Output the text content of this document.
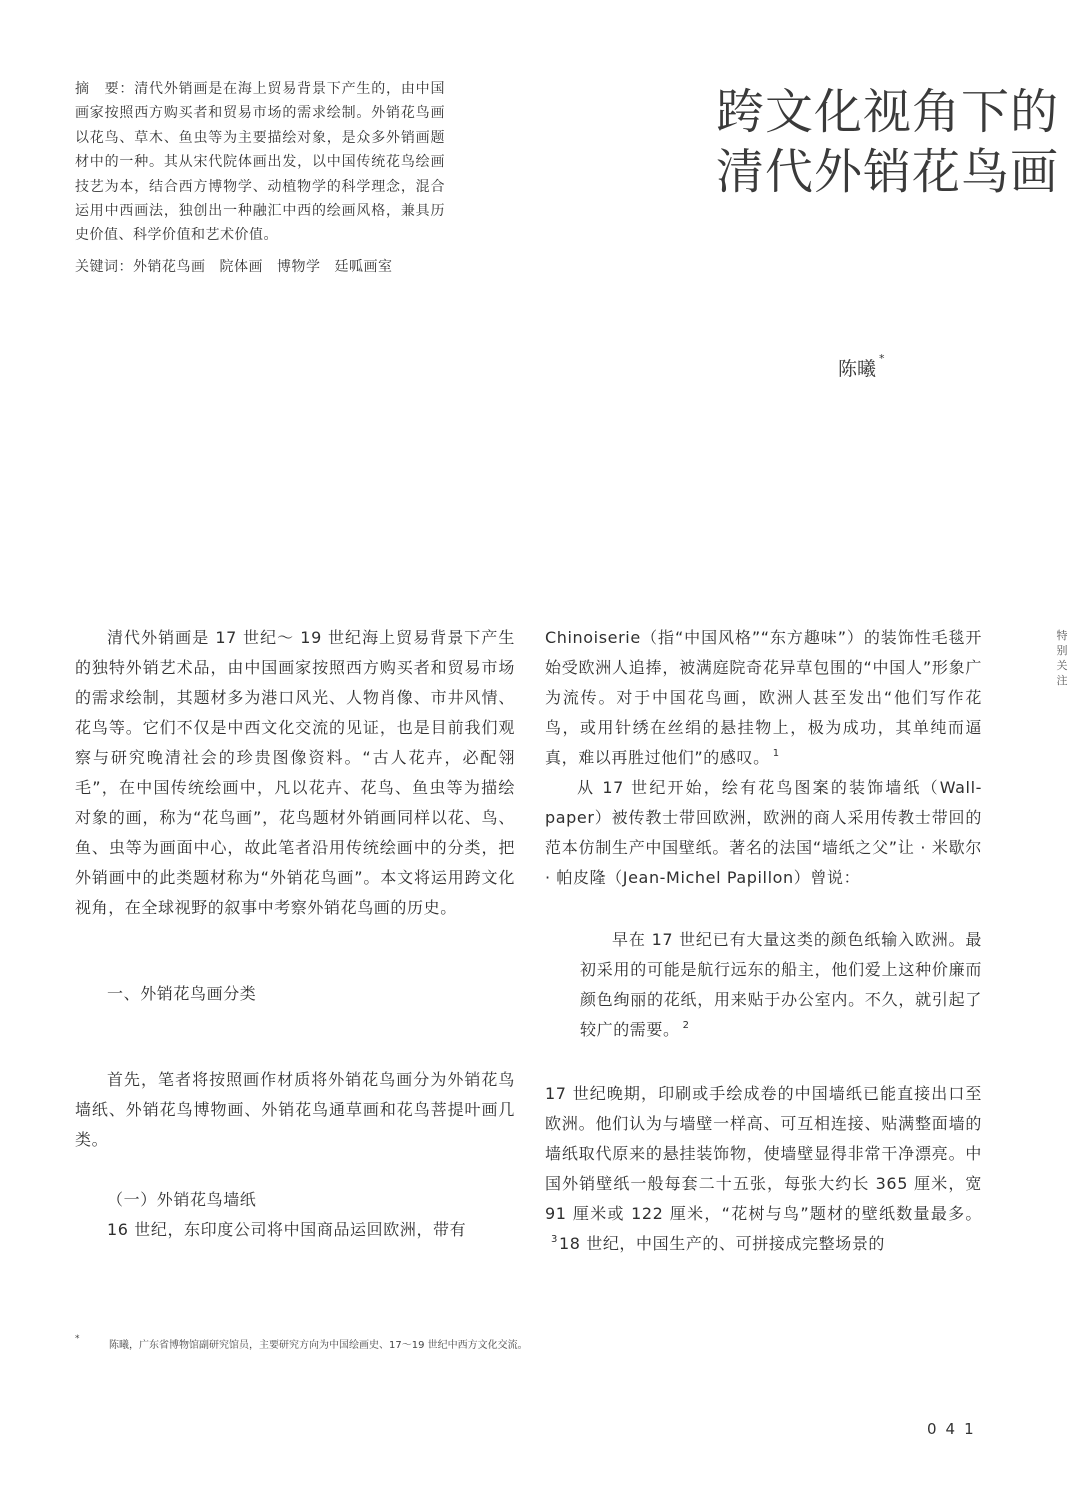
摘　要：清代外销画是在海上贸易背景下产生的，由中国画家按照西方购买者和贸易市场的需求绘制。外销花鸟画以花鸟、草木、鱼虫等为主要描绘对象，是众多外销画题材中的一种。其从宋代院体画出发，以中国传统花鸟绘画技艺为本，结合西方博物学、动植物学的科学理念，混合运用中西画法，独创出一种融汇中西的绘画风格，兼具历史价值、科学价值和艺术价值。
关键词：外销花鸟画 院体画 博物学 廷呱画室
跨文化视角下的
清代外销花鸟画
陈曦 *
特别关注

清代外销画是 17 世纪～ 19 世纪海上贸易背景下产生的独特外销艺术品，由中国画家按照西方购买者和贸易市场的需求绘制，其题材多为港口风光、人物肖像、市井风情、花鸟等。它们不仅是中西文化交流的见证，也是目前我们观察与研究晚清社会的珍贵图像资料。“古人花卉，必配翎毛”，在中国传统绘画中，凡以花卉、花鸟、鱼虫等为描绘对象的画，称为“花鸟画”，花鸟题材外销画同样以花、鸟、鱼、虫等为画面中心，故此笔者沿用传统绘画中的分类，把外销画中的此类题材称为“外销花鸟画”。本文将运用跨文化视角，在全球视野的叙事中考察外销花鸟画的历史。

一、外销花鸟画分类

首先，笔者将按照画作材质将外销花鸟画分为外销花鸟墙纸、外销花鸟博物画、外销花鸟通草画和花鸟菩提叶画几类。

（一）外销花鸟墙纸

16 世纪，东印度公司将中国商品运回欧洲，带有

Chinoiserie（指“中国风格”“东方趣味”）的装饰性毛毯开始受欧洲人追捧，被满庭院奇花异草包围的“中国人”形象广为流传。对于中国花鸟画，欧洲人甚至发出“他们写作花鸟，或用针绣在丝绢的悬挂物上，极为成功，其单纯而逼真，难以再胜过他们”的感叹。 $^1$

从 17 世纪开始，绘有花鸟图案的装饰墙纸（Wall-paper）被传教士带回欧洲，欧洲的商人采用传教士带回的范本仿制生产中国壁纸。著名的法国“墙纸之父”让 · 米歇尔 · 帕皮隆（Jean-Michel Papillon）曾说：

早在 17 世纪已有大量这类的颜色纸输入欧洲。最初采用的可能是航行远东的船主，他们爱上这种价廉而颜色绚丽的花纸，用来贴于办公室内。不久，就引起了较广的需要。 $^2$

17 世纪晚期，印刷或手绘成卷的中国墙纸已能直接出口至欧洲。他们认为与墙壁一样高、可互相连接、贴满整面墙的墙纸取代原来的悬挂装饰物，使墙壁显得非常干净漂亮。中国外销壁纸一般每套二十五张，每张大约长 365 厘米，宽 91 厘米或 122 厘米，“花树与鸟”题材的壁纸数量最多。$^3$18 世纪，中国生产的、可拼接成完整场景的

*
陈曦，广东省博物馆副研究馆员，主要研究方向为中国绘画史、17～19 世纪中西方文化交流。
041
